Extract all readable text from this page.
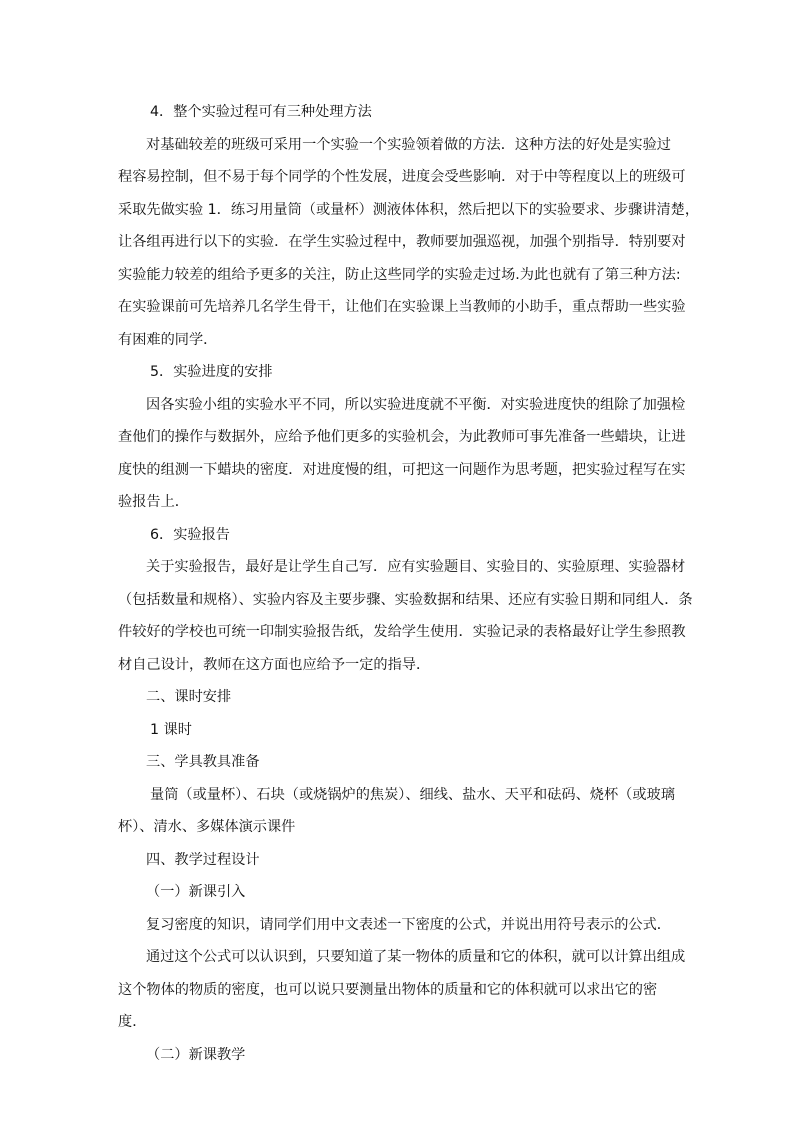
4．整个实验过程可有三种处理方法
对基础较差的班级可采用一个实验一个实验领着做的方法．这种方法的好处是实验过
程容易控制，但不易于每个同学的个性发展，进度会受些影响．对于中等程度以上的班级可
采取先做实验 1．练习用量筒（或量杯）测液体体积，然后把以下的实验要求、步骤讲清楚，
让各组再进行以下的实验．在学生实验过程中，教师要加强巡视，加强个别指导．特别要对
实验能力较差的组给予更多的关注，防止这些同学的实验走过场.为此也就有了第三种方法:
在实验课前可先培养几名学生骨干，让他们在实验课上当教师的小助手，重点帮助一些实验
有困难的同学．
5．实验进度的安排
因各实验小组的实验水平不同，所以实验进度就不平衡．对实验进度快的组除了加强检
查他们的操作与数据外，应给予他们更多的实验机会，为此教师可事先准备一些蜡块，让进
度快的组测一下蜡块的密度．对进度慢的组，可把这一问题作为思考题，把实验过程写在实
验报告上．
6．实验报告
关于实验报告，最好是让学生自己写．应有实验题目、实验目的、实验原理、实验器材
（包括数量和规格）、实验内容及主要步骤、实验数据和结果、还应有实验日期和同组人．条
件较好的学校也可统一印制实验报告纸，发给学生使用．实验记录的表格最好让学生参照教
材自己设计，教师在这方面也应给予一定的指导．
二、课时安排
1 课时
三、学具教具准备
量筒（或量杯）、石块（或烧锅炉的焦炭）、细线、盐水、天平和砝码、烧杯（或玻璃
杯）、清水、多媒体演示课件
四、教学过程设计
（一）新课引入
复习密度的知识，请同学们用中文表述一下密度的公式，并说出用符号表示的公式．
通过这个公式可以认识到，只要知道了某一物体的质量和它的体积，就可以计算出组成
这个物体的物质的密度，也可以说只要测量出物体的质量和它的体积就可以求出它的密
度．
（二）新课教学
